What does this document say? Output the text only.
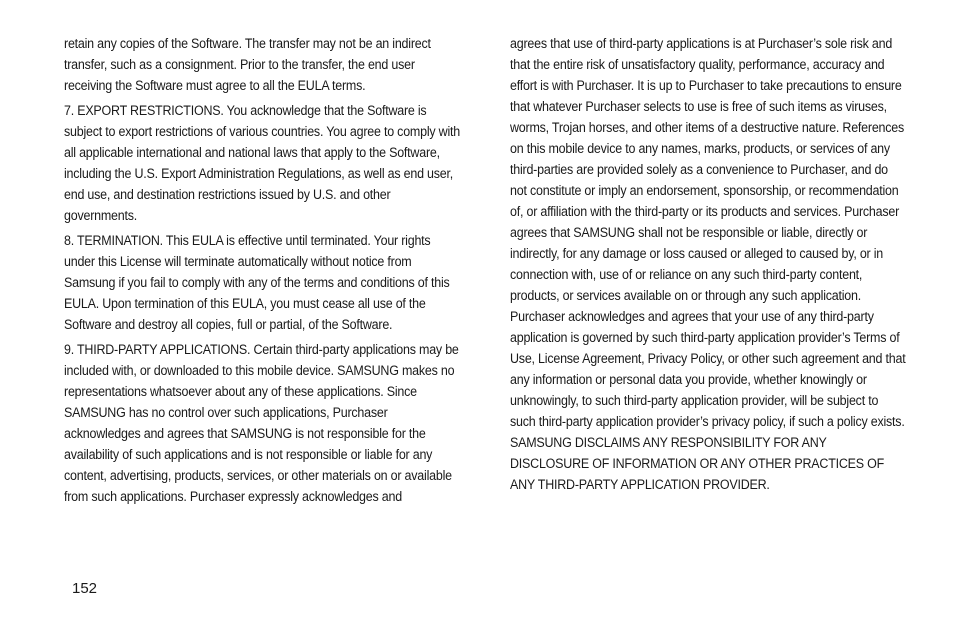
retain any copies of the Software. The transfer may not be an indirect transfer, such as a consignment. Prior to the transfer, the end user receiving the Software must agree to all the EULA terms.

7. EXPORT RESTRICTIONS. You acknowledge that the Software is subject to export restrictions of various countries. You agree to comply with all applicable international and national laws that apply to the Software, including the U.S. Export Administration Regulations, as well as end user, end use, and destination restrictions issued by U.S. and other governments.

8. TERMINATION. This EULA is effective until terminated. Your rights under this License will terminate automatically without notice from Samsung if you fail to comply with any of the terms and conditions of this EULA. Upon termination of this EULA, you must cease all use of the Software and destroy all copies, full or partial, of the Software.

9. THIRD-PARTY APPLICATIONS. Certain third-party applications may be included with, or downloaded to this mobile device. SAMSUNG makes no representations whatsoever about any of these applications. Since SAMSUNG has no control over such applications, Purchaser acknowledges and agrees that SAMSUNG is not responsible for the availability of such applications and is not responsible or liable for any content, advertising, products, services, or other materials on or available from such applications. Purchaser expressly acknowledges and

agrees that use of third-party applications is at Purchaser’s sole risk and that the entire risk of unsatisfactory quality, performance, accuracy and effort is with Purchaser. It is up to Purchaser to take precautions to ensure that whatever Purchaser selects to use is free of such items as viruses, worms, Trojan horses, and other items of a destructive nature. References on this mobile device to any names, marks, products, or services of any third-parties are provided solely as a convenience to Purchaser, and do not constitute or imply an endorsement, sponsorship, or recommendation of, or affiliation with the third-party or its products and services. Purchaser agrees that SAMSUNG shall not be responsible or liable, directly or indirectly, for any damage or loss caused or alleged to caused by, or in connection with, use of or reliance on any such third-party content, products, or services available on or through any such application. Purchaser acknowledges and agrees that your use of any third-party application is governed by such third-party application provider’s Terms of Use, License Agreement, Privacy Policy, or other such agreement and that any information or personal data you provide, whether knowingly or unknowingly, to such third-party application provider, will be subject to such third-party application provider’s privacy policy, if such a policy exists. SAMSUNG DISCLAIMS ANY RESPONSIBILITY FOR ANY DISCLOSURE OF INFORMATION OR ANY OTHER PRACTICES OF ANY THIRD-PARTY APPLICATION PROVIDER.

152
